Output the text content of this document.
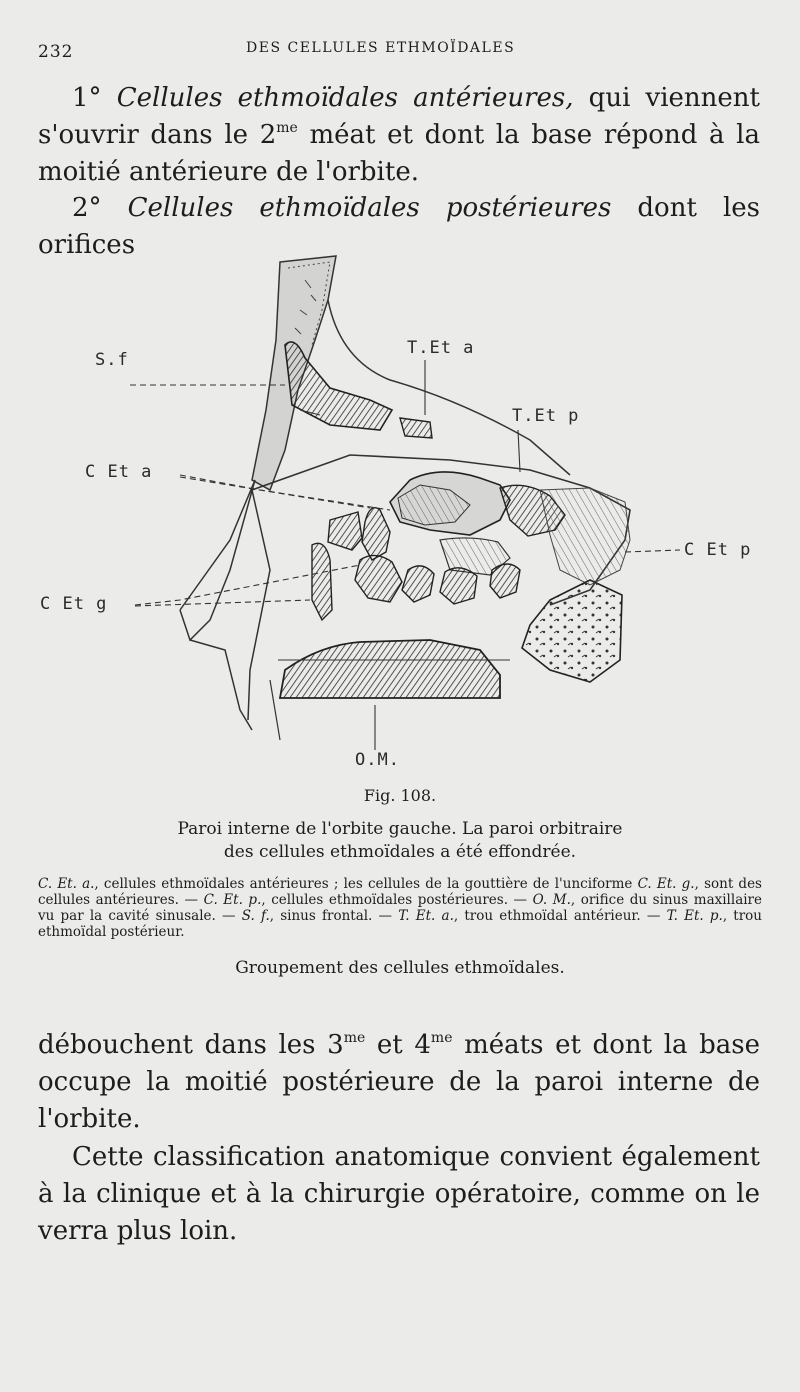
232	DES CELLULES ETHMOÏDALES
1° Cellules ethmoïdales antérieures, qui viennent s'ouvrir dans le $2^{me}$ méat et dont la base répond à la moitié antérieure de l'orbite.
2° Cellules ethmoïdales postérieures dont les orifices
S.f
T.Et a
T.Et p
C Et a
C Et p
C Et g
O.M.
Fig. 108.
Paroi interne de l'orbite gauche. La paroi orbitraire
des cellules ethmoïdales a été effondrée.
C. Et. a., cellules ethmoïdales antérieures ; les cellules de la gouttière de l'unciforme C. Et. g., sont des cellules antérieures. — C. Et. p., cellules ethmoïdales postérieures. — O. M., orifice du sinus maxillaire vu par la cavité sinusale. — S. f., sinus frontal. — T. Et. a., trou ethmoïdal antérieur. — T. Et. p., trou ethmoïdal postérieur.
Groupement des cellules ethmoïdales.
débouchent dans les $3^{me}$ et $4^{me}$ méats et dont la base occupe la moitié postérieure de la paroi interne de l'orbite.
Cette classification anatomique convient également à la clinique et à la chirurgie opératoire, comme on le verra plus loin.
